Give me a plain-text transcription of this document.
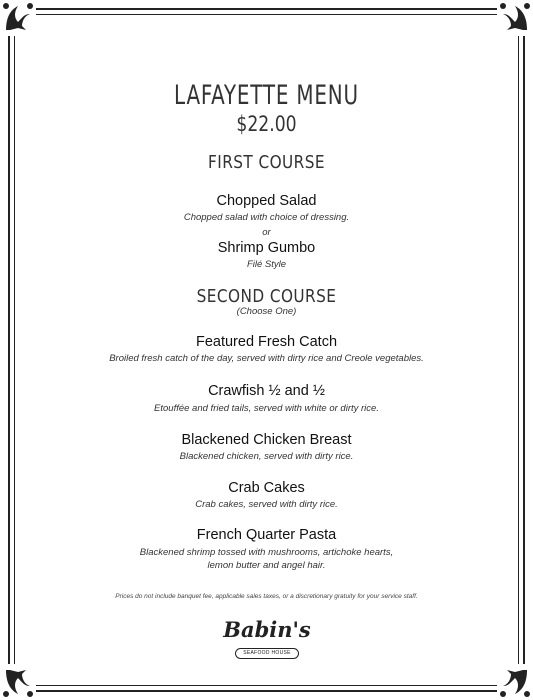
LAFAYETTE MENU
$22.00
FIRST COURSE
Chopped Salad
Chopped salad with choice of dressing.
or
Shrimp Gumbo
Filé Style
SECOND COURSE
(Choose One)
Featured Fresh Catch
Broiled fresh catch of the day, served with dirty rice and Creole vegetables.
Crawfish ½ and ½
Etouffée and fried tails, served with white or dirty rice.
Blackened Chicken Breast
Blackened chicken, served with dirty rice.
Crab Cakes
Crab cakes, served with dirty rice.
French Quarter Pasta
Blackened shrimp tossed with mushrooms, artichoke hearts,
lemon butter and angel hair.
Prices do not include banquet fee, applicable sales taxes, or a discretionary gratuity for your service staff.
Babin's
SEAFOOD HOUSE
